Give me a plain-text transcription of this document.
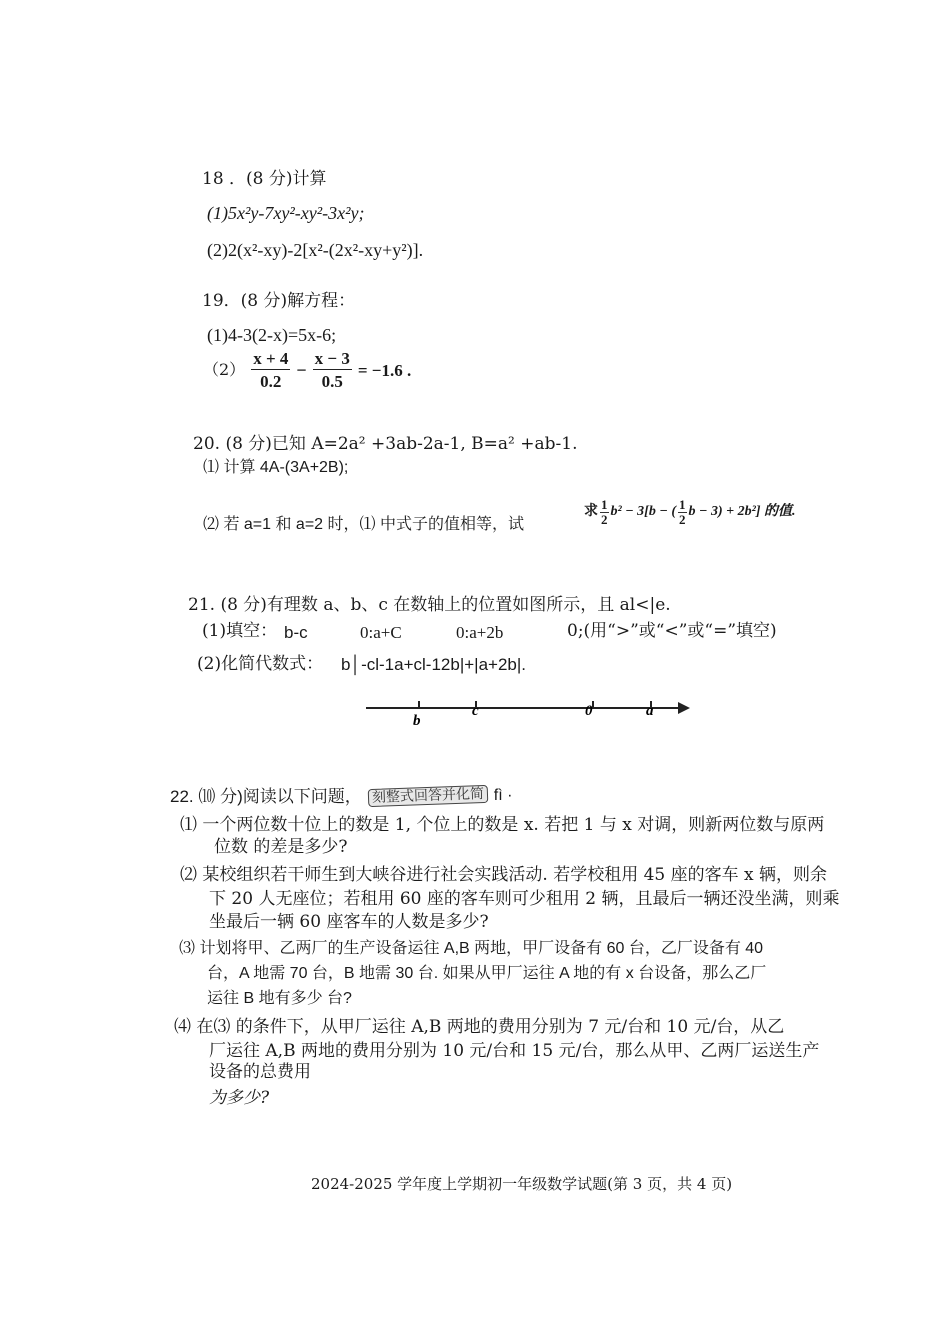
18 ．(8 分)计算
(1)5x²y-7xy²-xy²-3x²y;
(2)2(x²-xy)-2[x²-(2x²-xy+y²)].
19．(8 分)解方程：
(1)4-3(2-x)=5x-6;
$(2) \frac{x + 4}{0.2} - \frac{x - 3}{0.5} = -1.6$ .
20. (8 分)已知 A=2a² +3ab-2a-1, B=a² +ab-1.
⑴ 计算 4A-(3A+2B);
⑵ 若 a=1 和 a=2 时，⑴ 中式子的值相等，试
求 $\frac{1}{2} b^2 - 3[b$ − ( $\frac{1}{2}$ b − 3) + 2b²] 的值.
21. (8 分)有理数 a、b、c 在数轴上的位置如图所示，且 al<|e.
(1)填空： b-c	0:a+C	0:a+2b	0;(用“>”或“<”或“=”填空)
(2)化简代数式： b│-cl-1a+cl-12b|+|a+2b|.
b
c	0	a
22. ⑽ 分)阅读以下问题， 刻整式回答并化简 fì ·
⑴ 一个两位数十位上的数是 1, 个位上的数是 x. 若把 1 与 x 对调，则新两位数与原两
位数 的差是多少?
⑵ 某校组织若干师生到大峡谷进行社会实践活动. 若学校租用 45 座的客车 x 辆，则余
下 20 人无座位；若租用 60 座的客车则可少租用 2 辆，且最后一辆还没坐满，则乘
坐最后一辆 60 座客车的人数是多少?
⑶ 计划将甲、乙两厂的生产设备运往 A,B 两地，甲厂设备有 60 台，乙厂设备有 40
台，A 地需 70 台，B 地需 30 台. 如果从甲厂运往 A 地的有 x 台设备，那么乙厂
运往 B 地有多少 台?
⑷ 在⑶ 的条件下，从甲厂运往 A,B 两地的费用分别为 7 元/台和 10 元/台，从乙
厂运往 A,B 两地的费用分别为 10 元/台和 15 元/台，那么从甲、乙两厂运送生产
设备的总费用
为多少?
2024-2025 学年度上学期初一年级数学试题(第 3 页，共 4 页)
